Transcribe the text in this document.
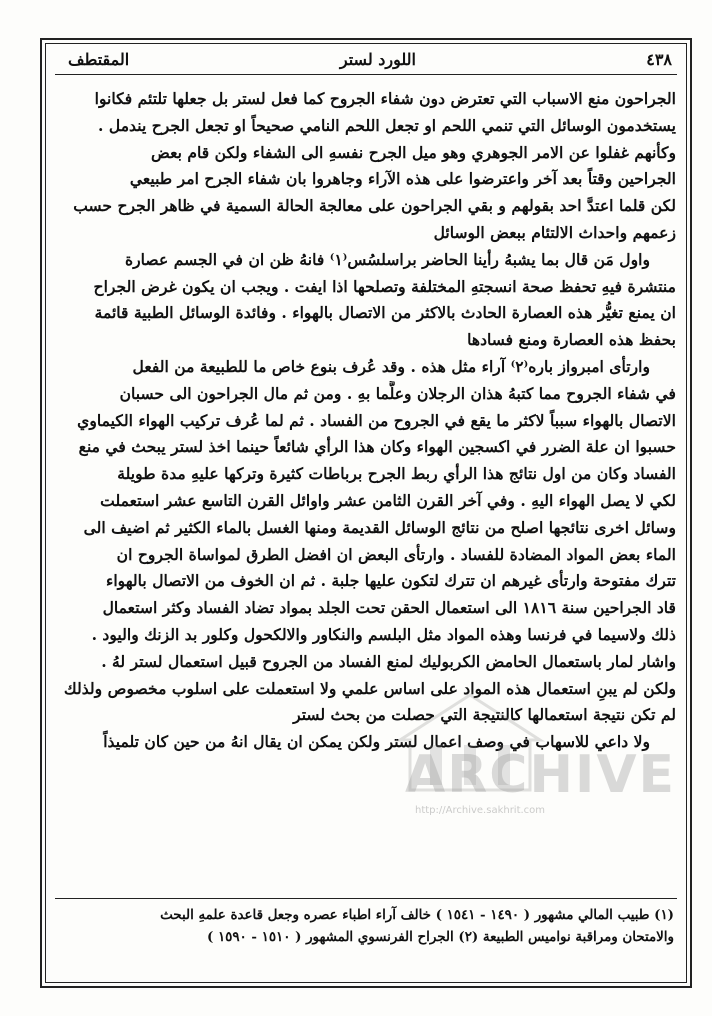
٤٣٨
اللورد لستر
المقتطف
الجراحون منع الاسباب التي تعترض دون شفاء الجروح كما فعل لستر بل جعلها تلتئم فكانوا
يستخدمون الوسائل التي تنمي اللحم او تجعل اللحم النامي صحيحاً او تجعل الجرح يندمل .
وكأنهم غفلوا عن الامر الجوهري وهو ميل الجرح نفسهِ الى الشفاء ولكن قام بعض
الجراحين وقتاً بعد آخر واعترضوا على هذه الآراء وجاهروا بان شفاء الجرح امر طبيعي
لكن قلما اعتدَّ احد بقولهم و بقي الجراحون على معالجة الحالة السمية في ظاهر الجرح حسب
زعمهم واحداث الالتئام ببعض الوسائل
واول مَن قال بما يشبهُ رأينا الحاضر براسلسُس⁽١⁾ فانهُ ظن ان في الجسم عصارة
منتشرة فيهِ تحفظ صحة انسجتهِ المختلفة وتصلحها اذا ايفت . ويجب ان يكون غرض الجراح
ان يمنع تغيُّر هذه العصارة الحادث بالاكثر من الاتصال بالهواء . وفائدة الوسائل الطبية قائمة
بحفظ هذه العصارة ومنع فسادها
وارتأى امبرواز باره⁽٢⁾ آراء مثل هذه . وقد عُرف بنوع خاص ما للطبيعة من الفعل
في شفاء الجروح مما كتبهُ هذان الرجلان وعلَّما بهِ . ومن ثم مال الجراحون الى حسبان
الاتصال بالهواء سبباً لاكثر ما يقع في الجروح من الفساد . ثم لما عُرف تركيب الهواء الكيماوي
حسبوا ان علة الضرر في اكسجين الهواء وكان هذا الرأي شائعاً حينما اخذ لستر يبحث في منع
الفساد وكان من اول نتائج هذا الرأي ربط الجرح برباطات كثيرة وتركها عليهِ مدة طويلة
لكي لا يصل الهواء اليهِ . وفي آخر القرن الثامن عشر واوائل القرن التاسع عشر استعملت
وسائل اخرى نتائجها اصلح من نتائج الوسائل القديمة ومنها الغسل بالماء الكثير ثم اضيف الى
الماء بعض المواد المضادة للفساد . وارتأى البعض ان افضل الطرق لمواساة الجروح ان
تترك مفتوحة وارتأى غيرهم ان تترك لتكون عليها جلبة . ثم ان الخوف من الاتصال بالهواء
قاد الجراحين سنة ١٨١٦ الى استعمال الحقن تحت الجلد بمواد تضاد الفساد وكثر استعمال
ذلك ولاسيما في فرنسا وهذه المواد مثل البلسم والنكاور والالكحول وكلور بد الزنك واليود .
واشار لمار باستعمال الحامض الكربوليك لمنع الفساد من الجروح قبيل استعمال لستر لهُ .
ولكن لم يبنِ استعمال هذه المواد على اساس علمي ولا استعملت على اسلوب مخصوص ولذلك
لم تكن نتيجة استعمالها كالنتيجة التي حصلت من بحث لستر
ولا داعي للاسهاب في وصف اعمال لستر ولكن يمكن ان يقال انهُ من حين كان تلميذاً
(١) طبيب المالي مشهور ( ١٤٩٠ - ١٥٤١ ) خالف آراء اطباء عصره وجعل قاعدة علمهِ البحث
والامتحان ومراقبة نواميس الطبيعة (٢) الجراح الفرنسوي المشهور ( ١٥١٠ - ١٥٩٠ )
ARCHIVE
http://Archive.sakhrit.com
